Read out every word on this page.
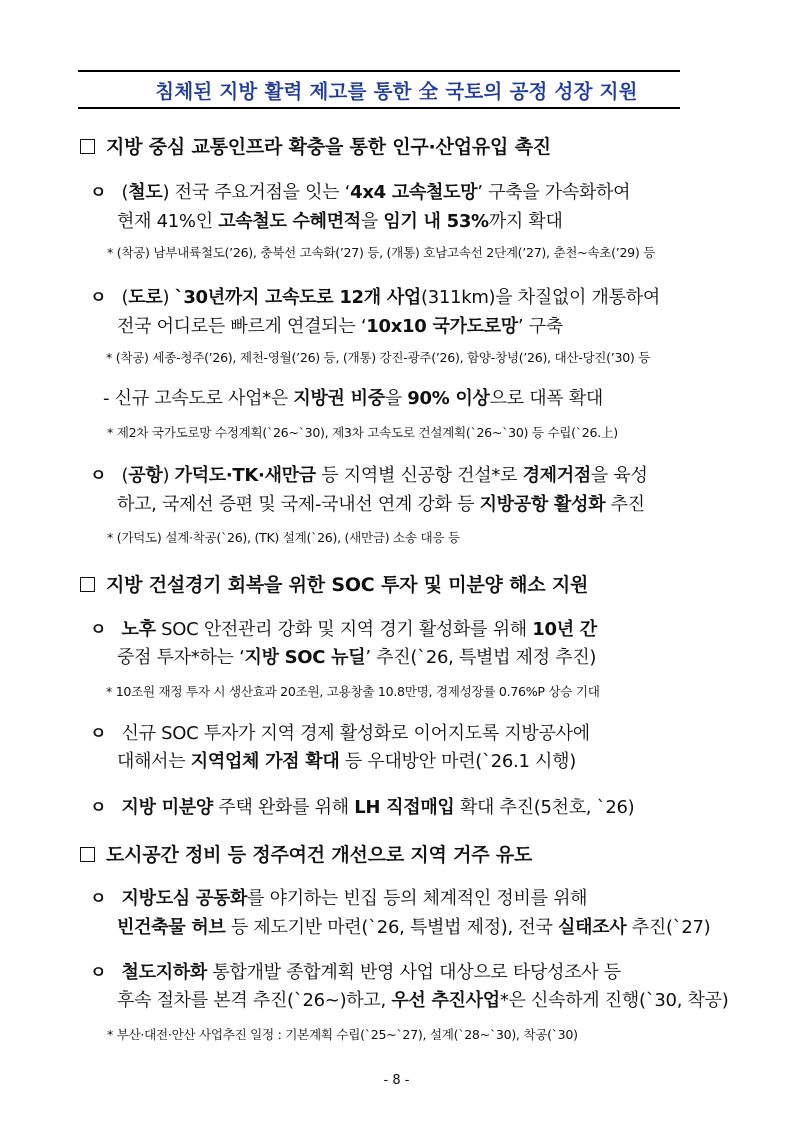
침체된 지방 활력 제고를 통한 全 국토의 공정 성장 지원
지방 중심 교통인프라 확충을 통한 인구·산업유입 촉진
ㅇ (철도) 전국 주요거점을 잇는 ‘4x4 고속철도망’ 구축을 가속화하여
현재 41%인 고속철도 수혜면적을 임기 내 53%까지 확대
* (착공) 남부내륙철도(’26), 충북선 고속화(’27) 등, (개통) 호남고속선 2단계(’27), 춘천~속초(’29) 등
ㅇ (도로) `30년까지 고속도로 12개 사업(311km)을 차질없이 개통하여
전국 어디로든 빠르게 연결되는 ‘10x10 국가도로망’ 구축
* (착공) 세종-청주(’26), 제천-영월(’26) 등, (개통) 강진-광주(’26), 함양-창녕(’26), 대산-당진(’30) 등
- 신규 고속도로 사업*은 지방권 비중을 90% 이상으로 대폭 확대
* 제2차 국가도로망 수정계획(`26~`30), 제3차 고속도로 건설계획(`26~`30) 등 수립(`26.上)
ㅇ (공항) 가덕도·TK·새만금 등 지역별 신공항 건설*로 경제거점을 육성
하고, 국제선 증편 및 국제-국내선 연계 강화 등 지방공항 활성화 추진
* (가덕도) 설계·착공(`26), (TK) 설계(`26), (새만금) 소송 대응 등
지방 건설경기 회복을 위한 SOC 투자 및 미분양 해소 지원
ㅇ 노후 SOC 안전관리 강화 및 지역 경기 활성화를 위해 10년 간
중점 투자*하는 ‘지방 SOC 뉴딜’ 추진(`26, 특별법 제정 추진)
* 10조원 재정 투자 시 생산효과 20조원, 고용창출 10.8만명, 경제성장률 0.76%P 상승 기대
ㅇ 신규 SOC 투자가 지역 경제 활성화로 이어지도록 지방공사에
대해서는 지역업체 가점 확대 등 우대방안 마련(`26.1 시행)
ㅇ 지방 미분양 주택 완화를 위해 LH 직접매입 확대 추진(5천호, `26)
도시공간 정비 등 정주여건 개선으로 지역 거주 유도
ㅇ 지방도심 공동화를 야기하는 빈집 등의 체계적인 정비를 위해
빈건축물 허브 등 제도기반 마련(`26, 특별법 제정), 전국 실태조사 추진(`27)
ㅇ 철도지하화 통합개발 종합계획 반영 사업 대상으로 타당성조사 등
후속 절차를 본격 추진(`26~)하고, 우선 추진사업*은 신속하게 진행(`30, 착공)
* 부산·대전·안산 사업추진 일정 : 기본계획 수립(`25~`27), 설계(`28~`30), 착공(`30)
- 8 -
